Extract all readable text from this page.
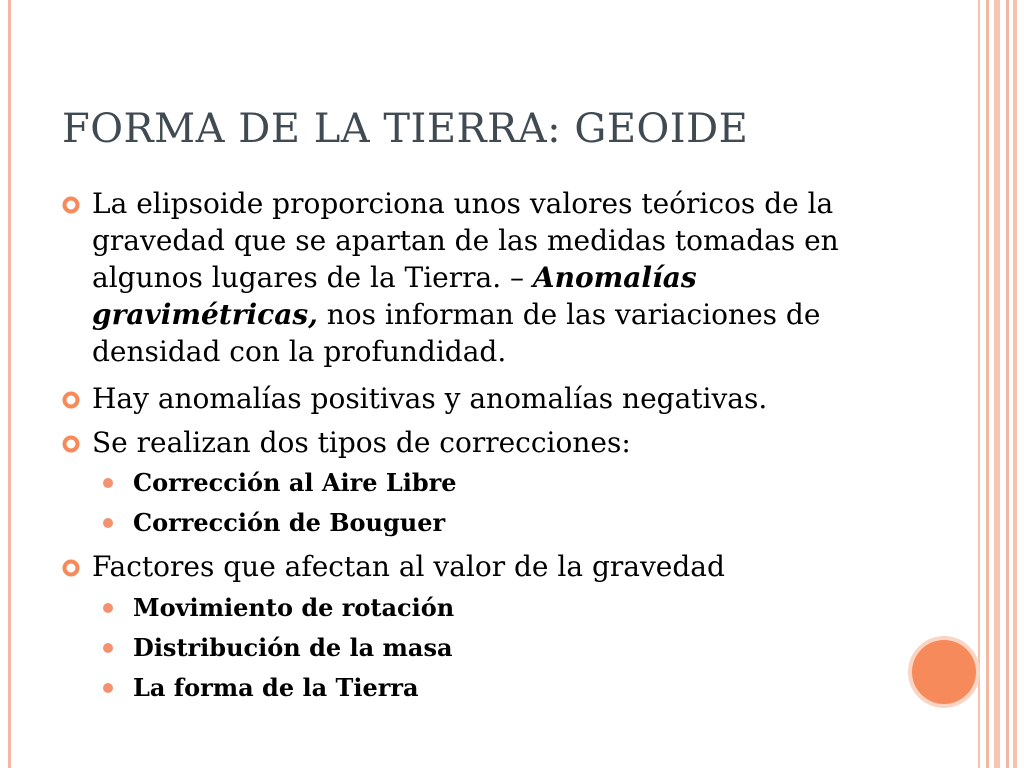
FORMA DE LA TIERRA: GEOIDE
La elipsoide proporciona unos valores teóricos de la gravedad que se apartan de las medidas tomadas en algunos lugares de la Tierra. – Anomalías gravimétricas, nos informan de las variaciones de densidad con la profundidad.
Hay anomalías positivas y anomalías negativas.
Se realizan dos tipos de correcciones:
Corrección al Aire Libre
Corrección de Bouguer
Factores que afectan al valor de la gravedad
Movimiento de rotación
Distribución de la masa
La forma de la Tierra
